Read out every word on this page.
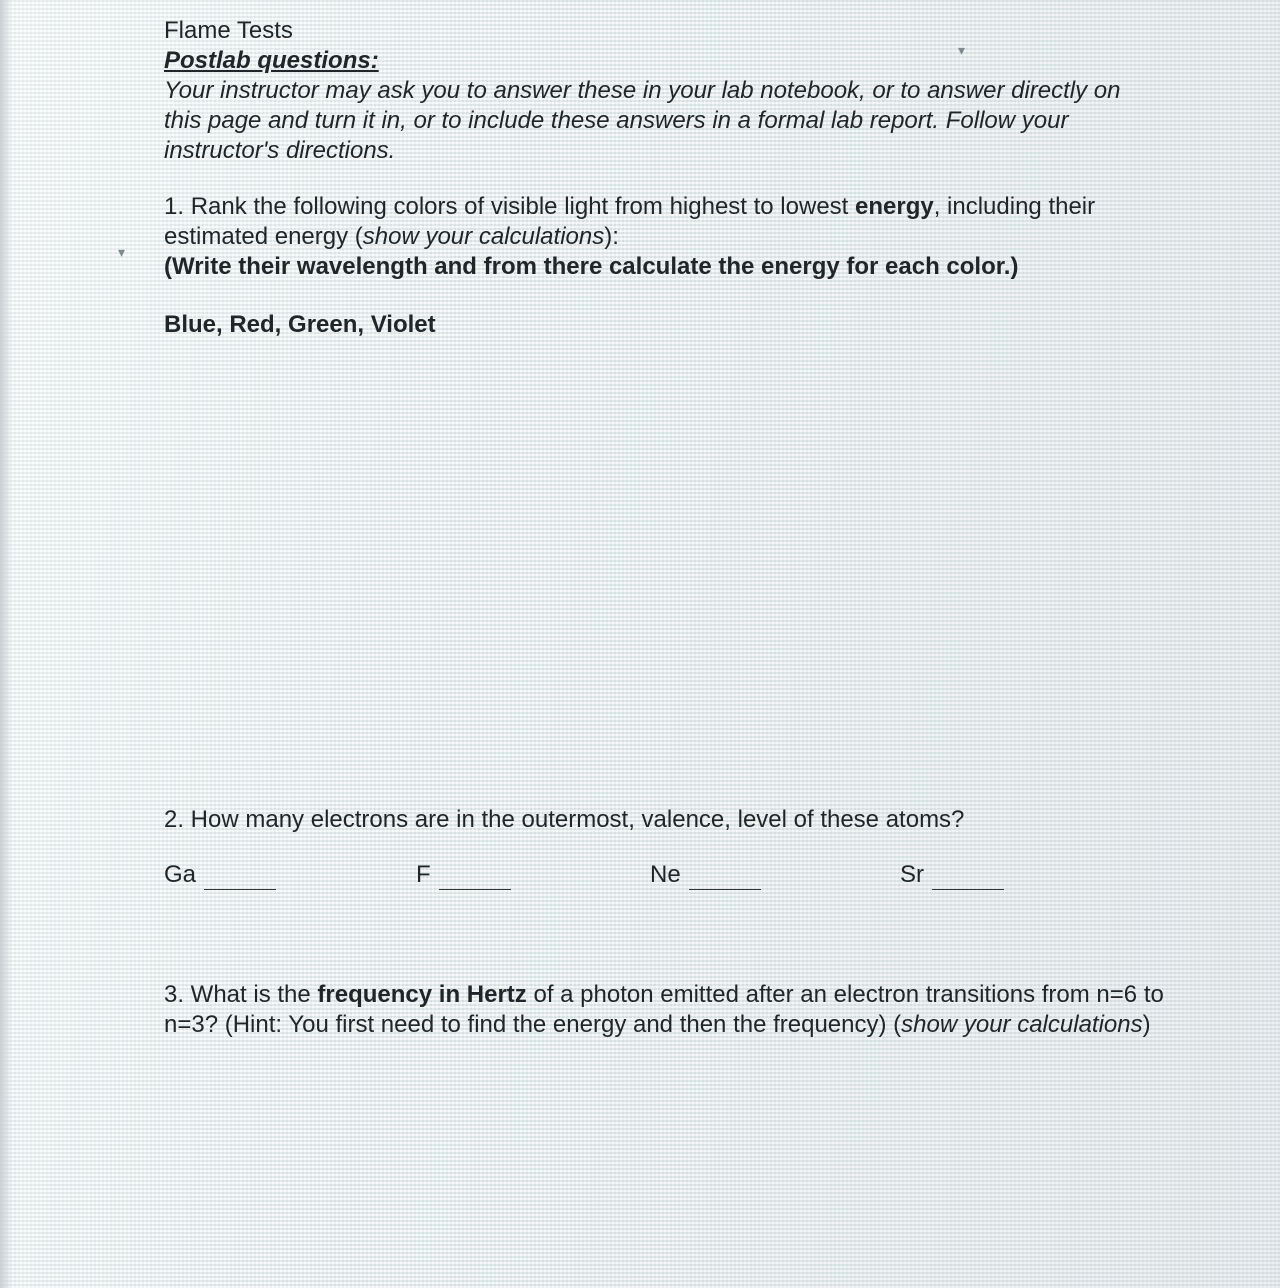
Flame Tests

Postlab questions:

Your instructor may ask you to answer these in your lab notebook, or to answer directly on this page and turn it in, or to include these answers in a formal lab report. Follow your instructor's directions.

1. Rank the following colors of visible light from highest to lowest energy, including their estimated energy (show your calculations):

(Write their wavelength and from there calculate the energy for each color.)

Blue, Red, Green, Violet
2. How many electrons are in the outermost, valence, level of these atoms?
Ga	F	Ne	Sr
3. What is the frequency in Hertz of a photon emitted after an electron transitions from n=6 to n=3? (Hint: You first need to find the energy and then the frequency) (show your calculations)
▾
▾
